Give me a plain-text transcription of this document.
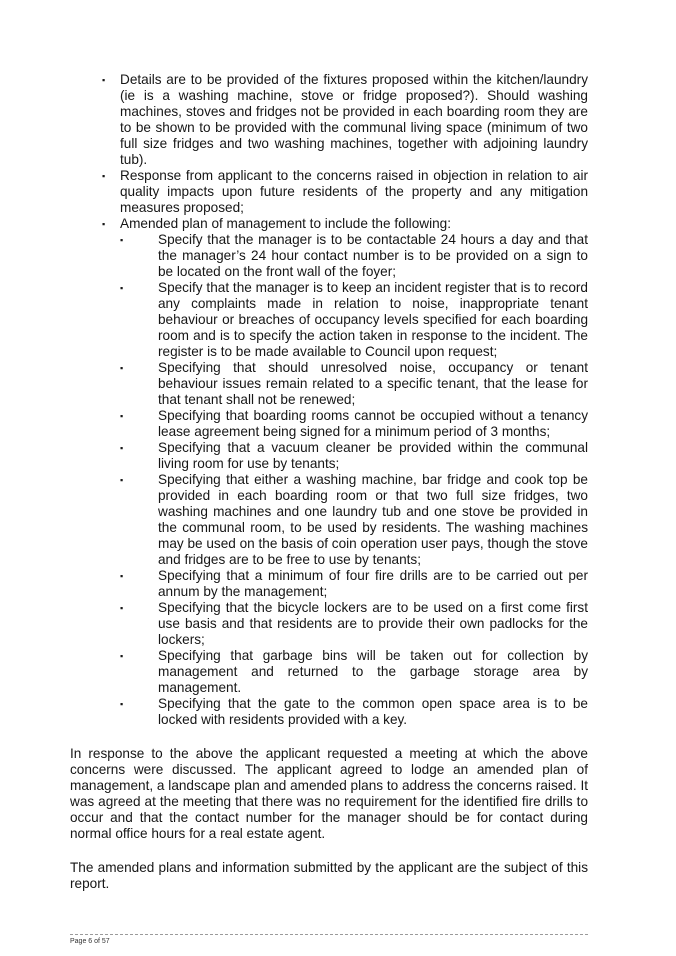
▪ Details are to be provided of the fixtures proposed within the kitchen/laundry (ie is a washing machine, stove or fridge proposed?). Should washing machines, stoves and fridges not be provided in each boarding room they are to be shown to be provided with the communal living space (minimum of two full size fridges and two washing machines, together with adjoining laundry tub).
▪ Response from applicant to the concerns raised in objection in relation to air quality impacts upon future residents of the property and any mitigation measures proposed;
▪ Amended plan of management to include the following:
▪	Specify that the manager is to be contactable 24 hours a day and that the manager’s 24 hour contact number is to be provided on a sign to be located on the front wall of the foyer;
▪	Specify that the manager is to keep an incident register that is to record any complaints made in relation to noise, inappropriate tenant behaviour or breaches of occupancy levels specified for each boarding room and is to specify the action taken in response to the incident. The register is to be made available to Council upon request;
▪	Specifying that should unresolved noise, occupancy or tenant behaviour issues remain related to a specific tenant, that the lease for that tenant shall not be renewed;
▪	Specifying that boarding rooms cannot be occupied without a tenancy lease agreement being signed for a minimum period of 3 months;
▪	Specifying that a vacuum cleaner be provided within the communal living room for use by tenants;
▪	Specifying that either a washing machine, bar fridge and cook top be provided in each boarding room or that two full size fridges, two washing machines and one laundry tub and one stove be provided in the communal room, to be used by residents. The washing machines may be used on the basis of coin operation user pays, though the stove and fridges are to be free to use by tenants;
▪	Specifying that a minimum of four fire drills are to be carried out per annum by the management;
▪	Specifying that the bicycle lockers are to be used on a first come first use basis and that residents are to provide their own padlocks for the lockers;
▪	Specifying that garbage bins will be taken out for collection by management and returned to the garbage storage area by management.
▪	Specifying that the gate to the common open space area is to be locked with residents provided with a key.

In response to the above the applicant requested a meeting at which the above concerns were discussed. The applicant agreed to lodge an amended plan of management, a landscape plan and amended plans to address the concerns raised. It was agreed at the meeting that there was no requirement for the identified fire drills to occur and that the contact number for the manager should be for contact during normal office hours for a real estate agent.

The amended plans and information submitted by the applicant are the subject of this report.

Page 6 of 57
